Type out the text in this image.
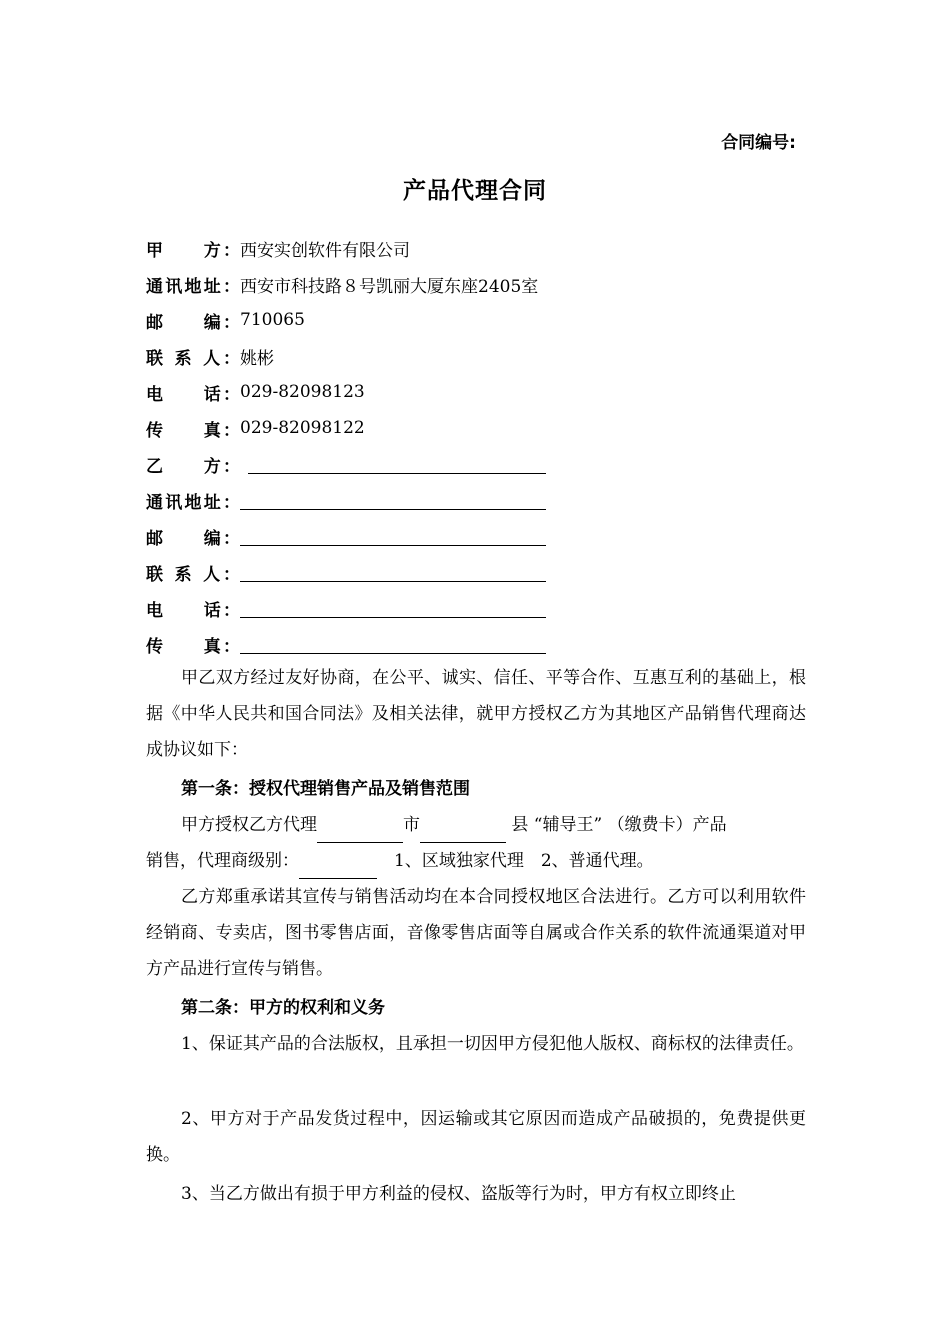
合同编号:
产品代理合同
甲　　方： 西安实创软件有限公司
通讯地址： 西安市科技路８号凯丽大厦东座2405室
邮　　编： 710065
联 系 人： 姚彬
电　　话： 029-82098123
传　　真： 029-82098122
乙　　方：
通讯地址：
邮　　编：
联 系 人：
电　　话：
传　　真：
甲乙双方经过友好协商，在公平、诚实、信任、平等合作、互惠互利的基础上，根据《中华人民共和国合同法》及相关法律，就甲方授权乙方为其地区产品销售代理商达成协议如下：
第一条：授权代理销售产品及销售范围
甲方授权乙方代理	市	县 “辅导王” （缴费卡）产品
销售，代理商级别：	　1、区域独家代理　2、普通代理。
乙方郑重承诺其宣传与销售活动均在本合同授权地区合法进行。乙方可以利用软件经销商、专卖店，图书零售店面，音像零售店面等自属或合作关系的软件流通渠道对甲方产品进行宣传与销售。
第二条：甲方的权利和义务
1、保证其产品的合法版权，且承担一切因甲方侵犯他人版权、商标权的法律责任。
2、甲方对于产品发货过程中，因运输或其它原因而造成产品破损的，免费提供更换。
3、当乙方做出有损于甲方利益的侵权、盗版等行为时，甲方有权立即终止
